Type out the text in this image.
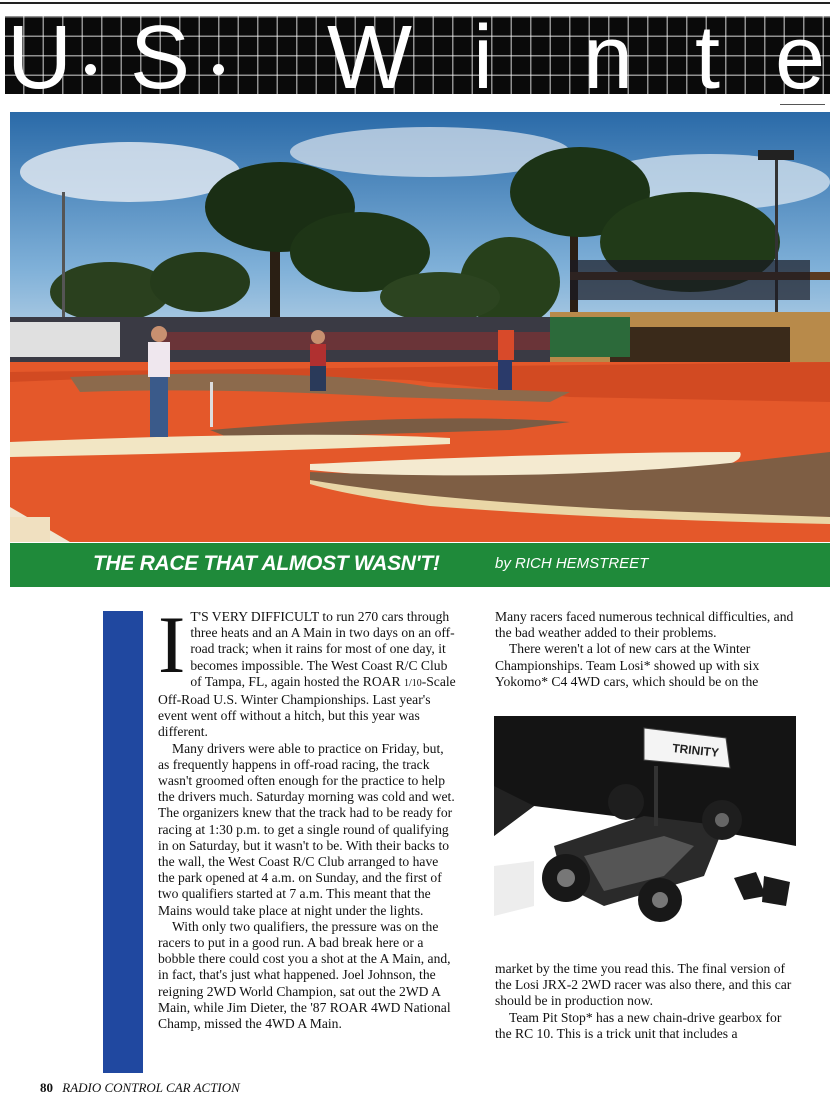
U S W i n t e
THE RACE THAT ALMOST WASN'T!	by RICH HEMSTREET

I T'S VERY DIFFICULT to run 270 cars through three heats and an A Main in two days on an off-road track; when it rains for most of one day, it becomes impossible. The West Coast R/C Club of Tampa, FL, again hosted the ROAR 1/10-Scale Off-Road U.S. Winter Championships. Last year's event went off without a hitch, but this year was different.

Many drivers were able to practice on Friday, but, as frequently happens in off-road racing, the track wasn't groomed often enough for the practice to help the drivers much. Saturday morning was cold and wet. The organizers knew that the track had to be ready for racing at 1:30 p.m. to get a single round of qualifying in on Saturday, but it wasn't to be. With their backs to the wall, the West Coast R/C Club arranged to have the park opened at 4 a.m. on Sunday, and the first of two qualifiers started at 7 a.m. This meant that the Mains would take place at night under the lights.

With only two qualifiers, the pressure was on the racers to put in a good run. A bad break here or a bobble there could cost you a shot at the A Main, and, in fact, that's just what happened. Joel Johnson, the reigning 2WD World Champion, sat out the 2WD A Main, while Jim Dieter, the '87 ROAR 4WD National Champ, missed the 4WD A Main.

Many racers faced numerous technical difficulties, and the bad weather added to their problems.

There weren't a lot of new cars at the Winter Championships. Team Losi* showed up with six Yokomo* C4 4WD cars, which should be on the

TRINITY

market by the time you read this. The final version of the Losi JRX-2 2WD racer was also there, and this car should be in production now.

Team Pit Stop* has a new chain-drive gearbox for the RC 10. This is a trick unit that includes a

80 RADIO CONTROL CAR ACTION
